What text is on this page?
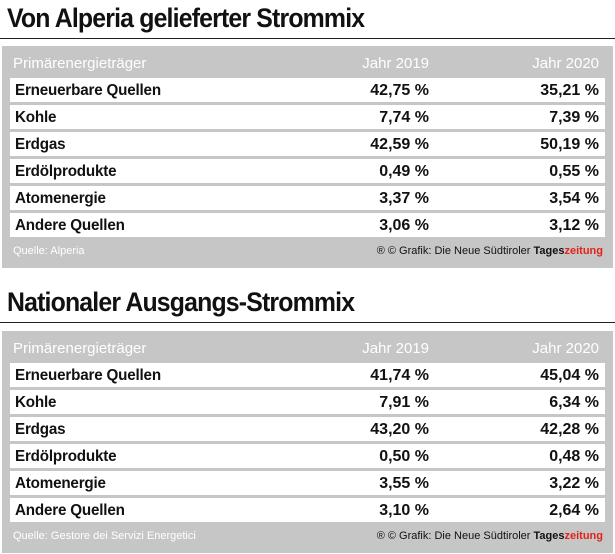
Von Alperia gelieferter Strommix
Primärenergieträger	Jahr 2019	Jahr 2020
Erneuerbare Quellen	42,75 %	35,21 %
Kohle	7,74 %	7,39 %
Erdgas	42,59 %	50,19 %
Erdölprodukte	0,49 %	0,55 %
Atomenergie	3,37 %	3,54 %
Andere Quellen	3,06 %	3,12 %
Quelle: Alperia	® © Grafik: Die Neue Südtiroler Tageszeitung
Nationaler Ausgangs-Strommix
Primärenergieträger	Jahr 2019	Jahr 2020
Erneuerbare Quellen	41,74 %	45,04 %
Kohle	7,91 %	6,34 %
Erdgas	43,20 %	42,28 %
Erdölprodukte	0,50 %	0,48 %
Atomenergie	3,55 %	3,22 %
Andere Quellen	3,10 %	2,64 %
Quelle: Gestore dei Servizi Energetici	® © Grafik: Die Neue Südtiroler Tageszeitung
